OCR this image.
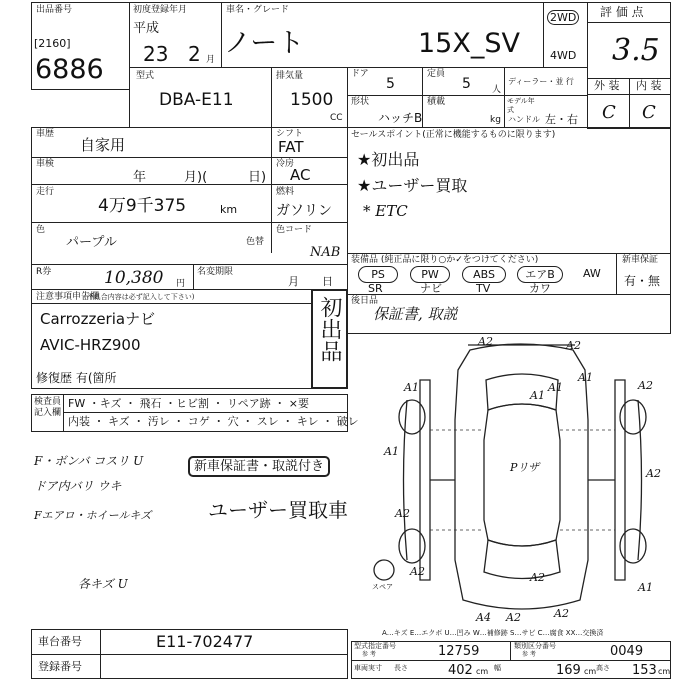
出品番号
[2160]
6886
初度登録年月
平成
23 2 月
車名・グレード
ノート	15X_SV
2WD
4WD
評 価 点
3.5
外 装 内 装
C C
型式
DBA-E11
排気量
1500
CC
ドア
5
定員
5 人
ディーラー・並 行
形状
ハッチB
積載
kg
モデル年式
ハンドル 左・右
車歴
自家用
シフト
FAT
車検
年	月)(	日)
冷房
AC
走行
4万9千375	km
燃料
ガソリン
色
パープル	色替
色コード
NAB
R券	10,380 円
名変期限
月 日
セールスポイント(正常に機能するものに限ります)
★初出品
★ユーザー買取
* ETC
装備品 (純正品に限り○か✓をつけてください)	新車保証
PS	PW	ABS	エアB	AW
SR	ナビ	TV	カワ
有・無
注意事項申告欄
(不具合内容は必ず記入して下さい)
Carrozzeriaナビ
AVIC-HRZ900
修復歴 有(箇所
初出品 後日品
保証書, 取説
検査員記入欄
FW ・キズ ・ 飛石 ・ヒビ割 ・ リペア跡 ・ ×要
内装 ・ キズ ・ 汚レ ・ コゲ ・ 穴 ・ スレ ・ キレ ・ 破レ
F・ボンバ コスリ U
ドア内バリ ウキ
Fエアロ・ホイールキズ
各キズ U
新車保証書・取説付き
ユーザー買取車
A2	A2
A1
A1
A1
A2
Pリザ	A2
A1
A2
A2	A2
A4
A1
A2	A2
A1
スペア
A…キズ E…エクボ U…凹み W…補修跡 S…サビ C…腐食 XX…交換済
車台番号	E11-702477
登録番号
型式指定番号
参 考	12759	類別区分番号
参 考	0049
車両実寸 長さ	402 cm 幅	169 cm 高さ 153 cm
